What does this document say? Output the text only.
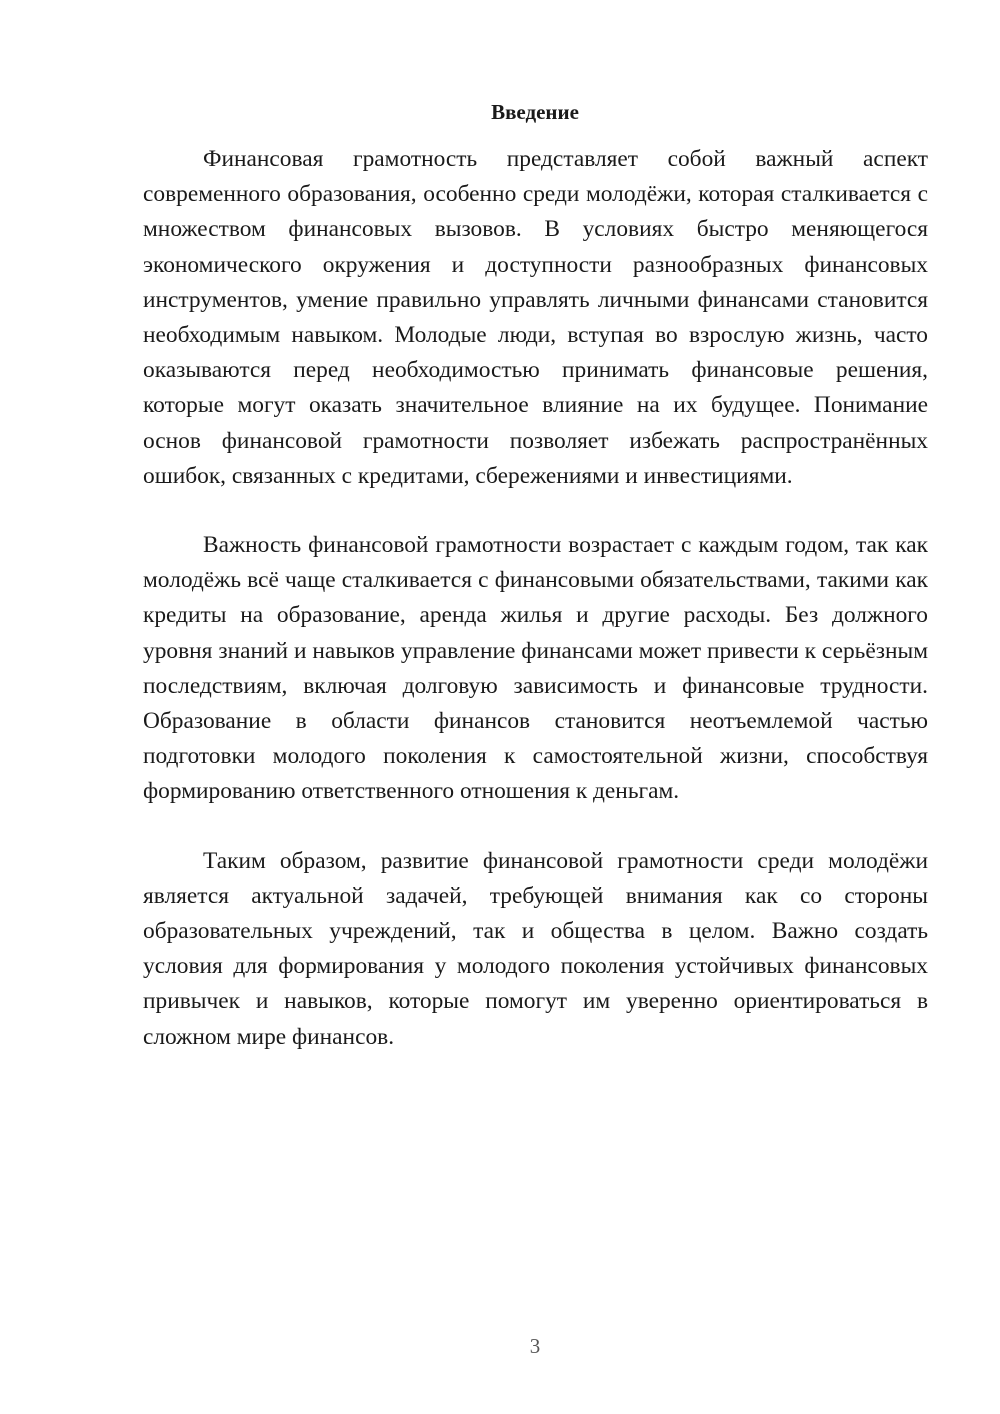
Введение

Финансовая грамотность представляет собой важный аспект современного образования, особенно среди молодёжи, которая сталкивается с множеством финансовых вызовов. В условиях быстро меняющегося экономического окружения и доступности разнообразных финансовых инструментов, умение правильно управлять личными финансами становится необходимым навыком. Молодые люди, вступая во взрослую жизнь, часто оказываются перед необходимостью принимать финансовые решения, которые могут оказать значительное влияние на их будущее. Понимание основ финансовой грамотности позволяет избежать распространённых ошибок, связанных с кредитами, сбережениями и инвестициями.

Важность финансовой грамотности возрастает с каждым годом, так как молодёжь всё чаще сталкивается с финансовыми обязательствами, такими как кредиты на образование, аренда жилья и другие расходы. Без должного уровня знаний и навыков управление финансами может привести к серьёзным последствиям, включая долговую зависимость и финансовые трудности. Образование в области финансов становится неотъемлемой частью подготовки молодого поколения к самостоятельной жизни, способствуя формированию ответственного отношения к деньгам.

Таким образом, развитие финансовой грамотности среди молодёжи является актуальной задачей, требующей внимания как со стороны образовательных учреждений, так и общества в целом. Важно создать условия для формирования у молодого поколения устойчивых финансовых привычек и навыков, которые помогут им уверенно ориентироваться в сложном мире финансов.

3
